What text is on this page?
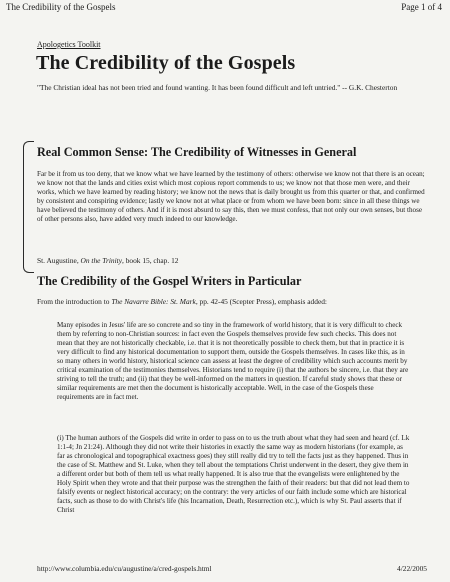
The Credibility of the Gospels	Page 1 of 4
Apologetics Toolkit
The Credibility of the Gospels
"The Christian ideal has not been tried and found wanting. It has been found difficult and left untried." -- G.K. Chesterton
Real Common Sense: The Credibility of Witnesses in General
Far be it from us too deny, that we know what we have learned by the testimony of others: otherwise we know not that there is an ocean; we know not that the lands and cities exist which most copious report commends to us; we know not that those men were, and their works, which we have learned by reading history; we know not the news that is daily brought us from this quarter or that, and confirmed by consistent and conspiring evidence; lastly we know not at what place or from whom we have been born: since in all these things we have believed the testimony of others. And if it is most absurd to say this, then we must confess, that not only our own senses, but those of other persons also, have added very much indeed to our knowledge.
St. Augustine, On the Trinity, book 15, chap. 12
The Credibility of the Gospel Writers in Particular
From the introduction to The Navarre Bible: St. Mark, pp. 42-45 (Scepter Press), emphasis added:
Many episodes in Jesus' life are so concrete and so tiny in the framework of world history, that it is very difficult to check them by referring to non-Christian sources: in fact even the Gospels themselves provide few such checks. This does not mean that they are not historically checkable, i.e. that it is not theoretically possible to check them, but that in practice it is very difficult to find any historical documentation to support them, outside the Gospels themselves. In cases like this, as in so many others in world history, historical science can assess at least the degree of credibility which such accounts merit by critical examination of the testimonies themselves. Historians tend to require (i) that the authors be sincere, i.e. that they are striving to tell the truth; and (ii) that they be well-informed on the matters in question. If careful study shows that these or similar requirements are met then the document is historically acceptable. Well, in the case of the Gospels these requirements are in fact met.
(i) The human authors of the Gospels did write in order to pass on to us the truth about what they had seen and heard (cf. Lk 1:1-4; Jn 21:24). Although they did not write their histories in exactly the same way as modern historians (for example, as far as chronological and topographical exactness goes) they still really did try to tell the facts just as they happened. Thus in the case of St. Matthew and St. Luke, when they tell about the temptations Christ underwent in the desert, they give them in a different order but both of them tell us what really happened. It is also true that the evangelists were enlightened by the Holy Spirit when they wrote and that their purpose was the strengthen the faith of their readers: but that did not lead them to falsify events or neglect historical accuracy; on the contrary: the very articles of our faith include some which are historical facts, such as those to do with Christ's life (his Incarnation, Death, Resurrection etc.), which is why St. Paul asserts that if Christ
http://www.columbia.edu/cu/augustine/a/cred-gospels.html	4/22/2005
